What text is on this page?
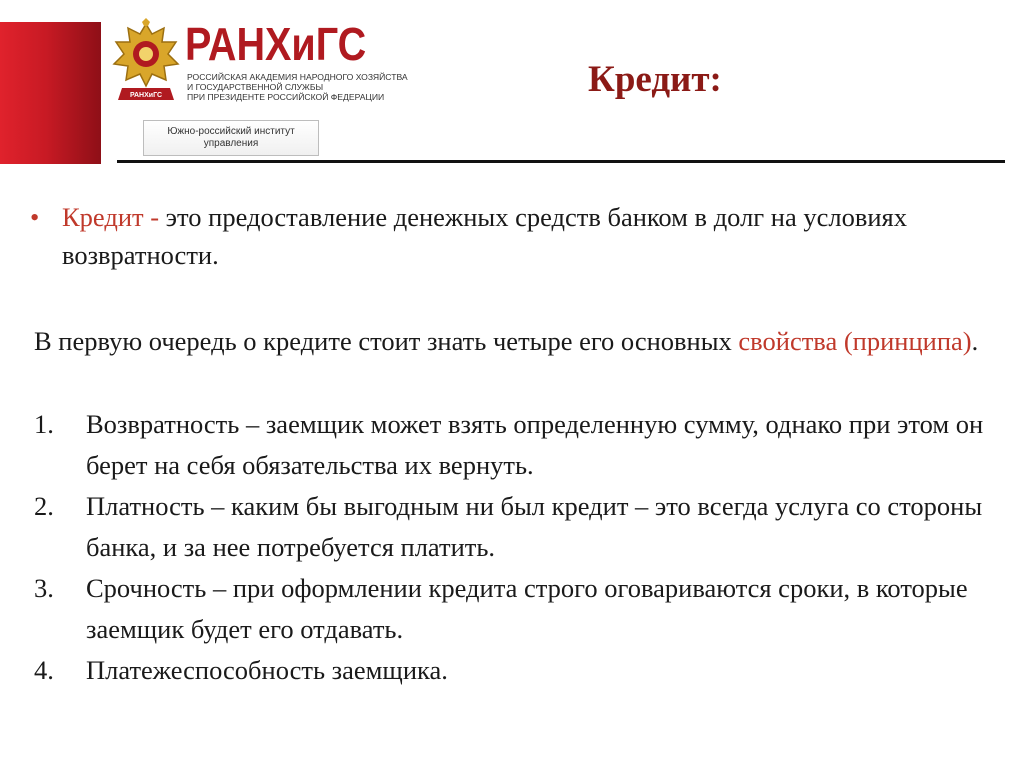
РАНХиГС
РАНХиГС
РОССИЙСКАЯ АКАДЕМИЯ НАРОДНОГО ХОЗЯЙСТВА
И ГОСУДАРСТВЕННОЙ СЛУЖБЫ
ПРИ ПРЕЗИДЕНТЕ РОССИЙСКОЙ ФЕДЕРАЦИИ
Южно-российский институт
управления
Кредит:
• Кредит - это предоставление денежных средств банком в долг на условиях возвратности.
В первую очередь о кредите стоит знать четыре его основных свойства (принципа).
1. Возвратность – заемщик может взять определенную сумму, однако при этом он берет на себя обязательства их вернуть.
2. Платность – каким бы выгодным ни был кредит – это всегда услуга со стороны банка, и за нее потребуется платить.
3. Срочность – при оформлении кредита строго оговариваются сроки, в которые заемщик будет его отдавать.
4. Платежеспособность заемщика.
